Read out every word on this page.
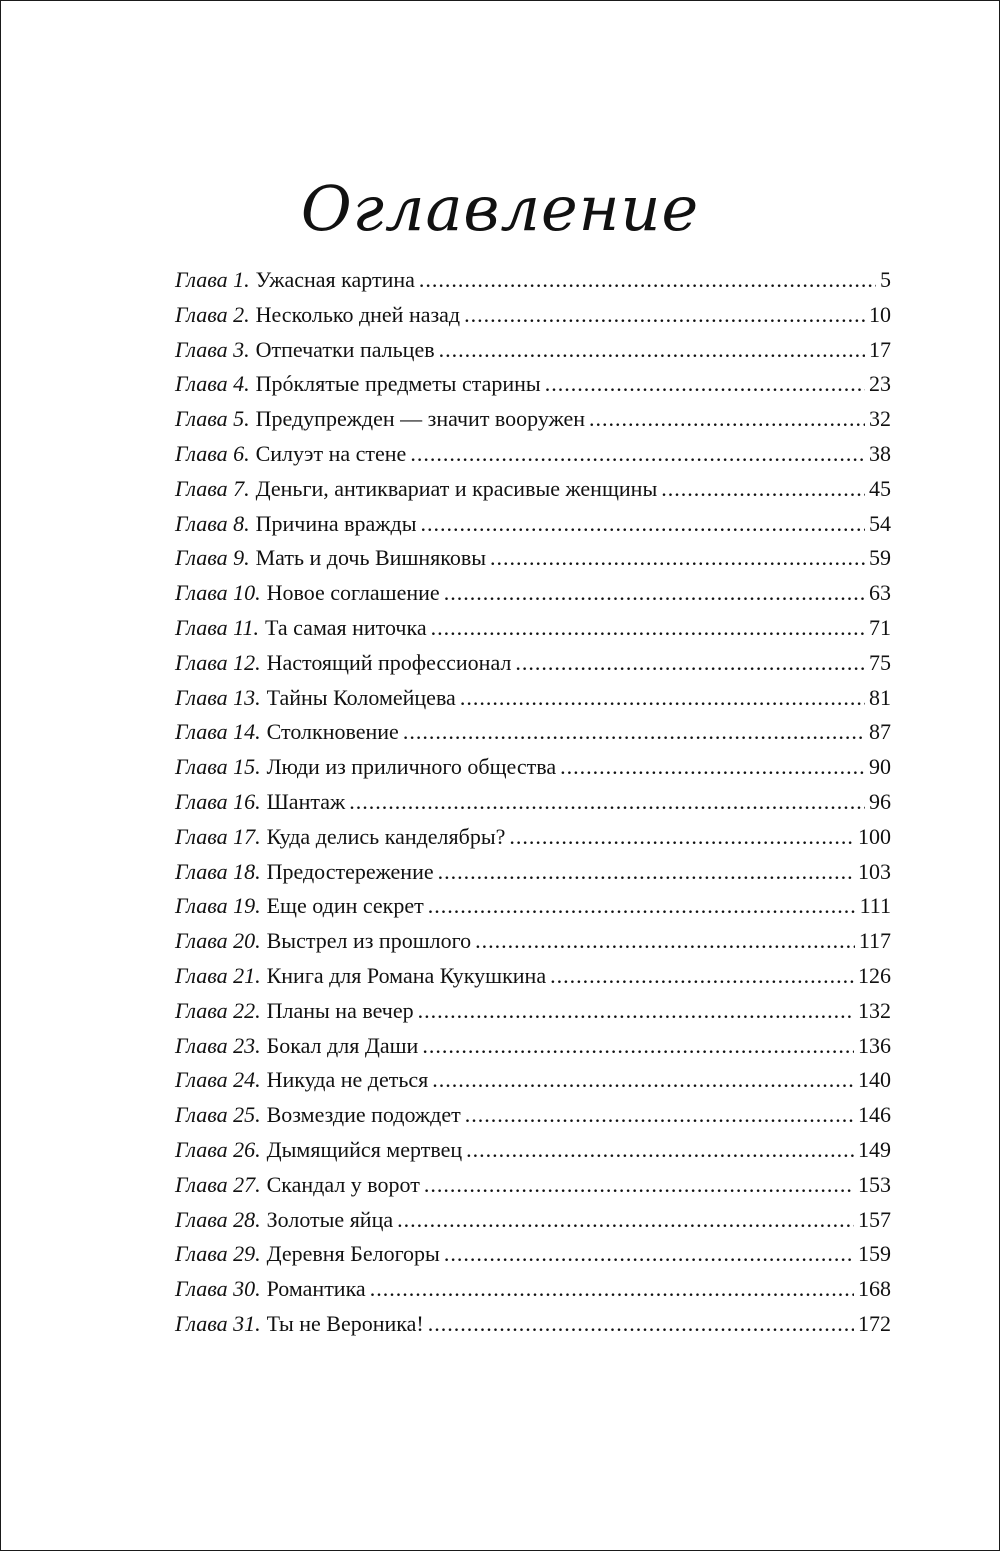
Оглавление
Глава 1. Ужасная картина .....	5
Глава 2. Несколько дней назад .....	10
Глава 3. Отпечатки пальцев .....	17
Глава 4. Прóклятые предметы старины .....	23
Глава 5. Предупрежден — значит вооружен .....	32
Глава 6. Силуэт на стене .....	38
Глава 7. Деньги, антиквариат и красивые женщины .....	45
Глава 8. Причина вражды .....	54
Глава 9. Мать и дочь Вишняковы .....	59
Глава 10. Новое соглашение .....	63
Глава 11. Та самая ниточка .....	71
Глава 12. Настоящий профессионал .....	75
Глава 13. Тайны Коломейцева .....	81
Глава 14. Столкновение .....	87
Глава 15. Люди из приличного общества .....	90
Глава 16. Шантаж .....	96
Глава 17. Куда делись канделябры? .....	100
Глава 18. Предостережение .....	103
Глава 19. Еще один секрет .....	111
Глава 20. Выстрел из прошлого .....	117
Глава 21. Книга для Романа Кукушкина .....	126
Глава 22. Планы на вечер .....	132
Глава 23. Бокал для Даши .....	136
Глава 24. Никуда не деться .....	140
Глава 25. Возмездие подождет .....	146
Глава 26. Дымящийся мертвец .....	149
Глава 27. Скандал у ворот .....	153
Глава 28. Золотые яйца .....	157
Глава 29. Деревня Белогоры .....	159
Глава 30. Романтика .....	168
Глава 31. Ты не Вероника! .....	172
